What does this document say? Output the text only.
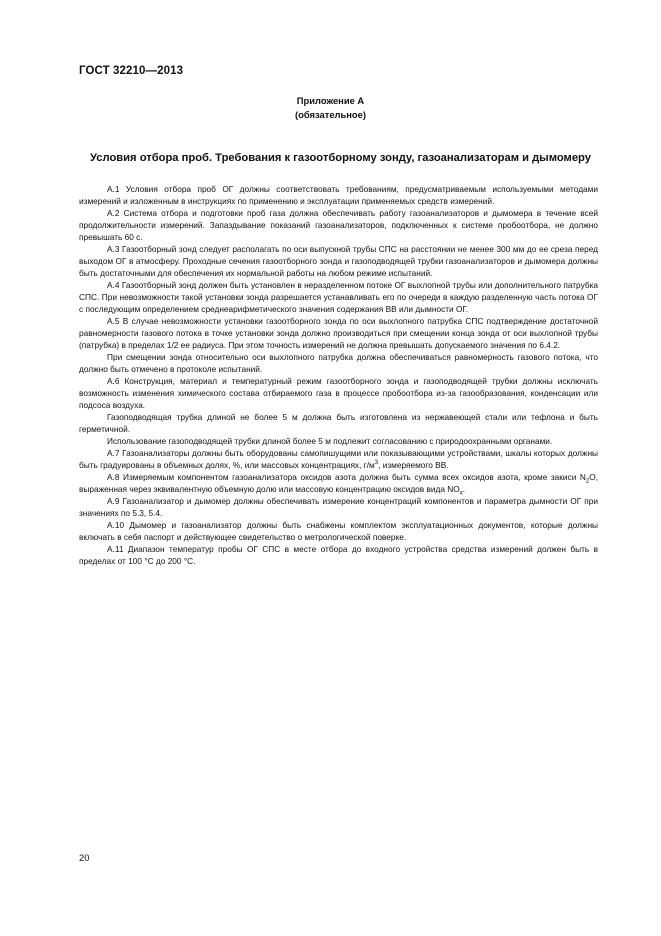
ГОСТ 32210—2013
Приложение А
(обязательное)
Условия отбора проб. Требования к газоотборному зонду, газоанализаторам и дымомеру

А.1 Условия отбора проб ОГ должны соответствовать требованиям, предусматриваемым используемыми методами измерений и изложенным в инструкциях по применению и эксплуатации применяемых средств измерений.

А.2 Система отбора и подготовки проб газа должна обеспечивать работу газоанализаторов и дымомера в течение всей продолжительности измерений. Запаздывание показаний газоанализаторов, подключенных к системе пробоотбора, не должно превышать 60 с.

А.3 Газоотборный зонд следует располагать по оси выпускной трубы СПС на расстоянии не менее 300 мм до ее среза перед выходом ОГ в атмосферу. Проходные сечения газоотборного зонда и газоподводящей трубки газоанализаторов и дымомера должны быть достаточными для обеспечения их нормальной работы на любом режиме испытаний.

А.4 Газоотборный зонд должен быть установлен в неразделенном потоке ОГ выхлопной трубы или дополнительного патрубка СПС. При невозможности такой установки зонда разрешается устанавливать его по очереди в каждую разделенную часть потока ОГ с последующим определением среднеарифметического значения содержания ВВ или дымности ОГ.

А.5 В случае невозможности установки газоотборного зонда по оси выхлопного патрубка СПС подтверждение достаточной равномерности газового потока в точке установки зонда должно производиться при смещении конца зонда от оси выхлопной трубы (патрубка) в пределах 1/2 ее радиуса. При этом точность измерений не должна превышать допускаемого значения по 6.4.2.

При смещении зонда относительно оси выхлопного патрубка должна обеспечиваться равномерность газового потока, что должно быть отмечено в протоколе испытаний.

А.6 Конструкция, материал и температурный режим газоотборного зонда и газоподводящей трубки должны исключать возможность изменения химического состава отбираемого газа в процессе пробоотбора из-за газообразования, конденсации или подсоса воздуха.

Газоподводящая трубка длиной не более 5 м должна быть изготовлена из нержавеющей стали или тефлона и быть герметичной.

Использование газоподводящей трубки длиной более 5 м подлежит согласованию с природоохранными органами.

А.7 Газоанализаторы должны быть оборудованы самопишущими или показывающими устройствами, шкалы которых должны быть градуированы в объемных долях, %, или массовых концентрациях, $г/м^3$, измеряемого ВВ.

А.8 Измеряемым компонентом газоанализатора оксидов азота должна быть сумма всех оксидов азота, кроме закиси $N_2O$, выраженная через эквивалентную объемную долю или массовую концентрацию оксидов вида $NO_x$.

А.9 Газоанализатор и дымомер должны обеспечивать измерение концентраций компонентов и параметра дымности ОГ при значениях по 5.3, 5.4.

А.10 Дымомер и газоанализатор должны быть снабжены комплектом эксплуатационных документов, которые должны включать в себя паспорт и действующее свидетельство о метрологической поверке.

А.11 Диапазон температур пробы ОГ СПС в месте отбора до входного устройства средства измерений должен быть в пределах от 100 °С до 200 °С.

20
